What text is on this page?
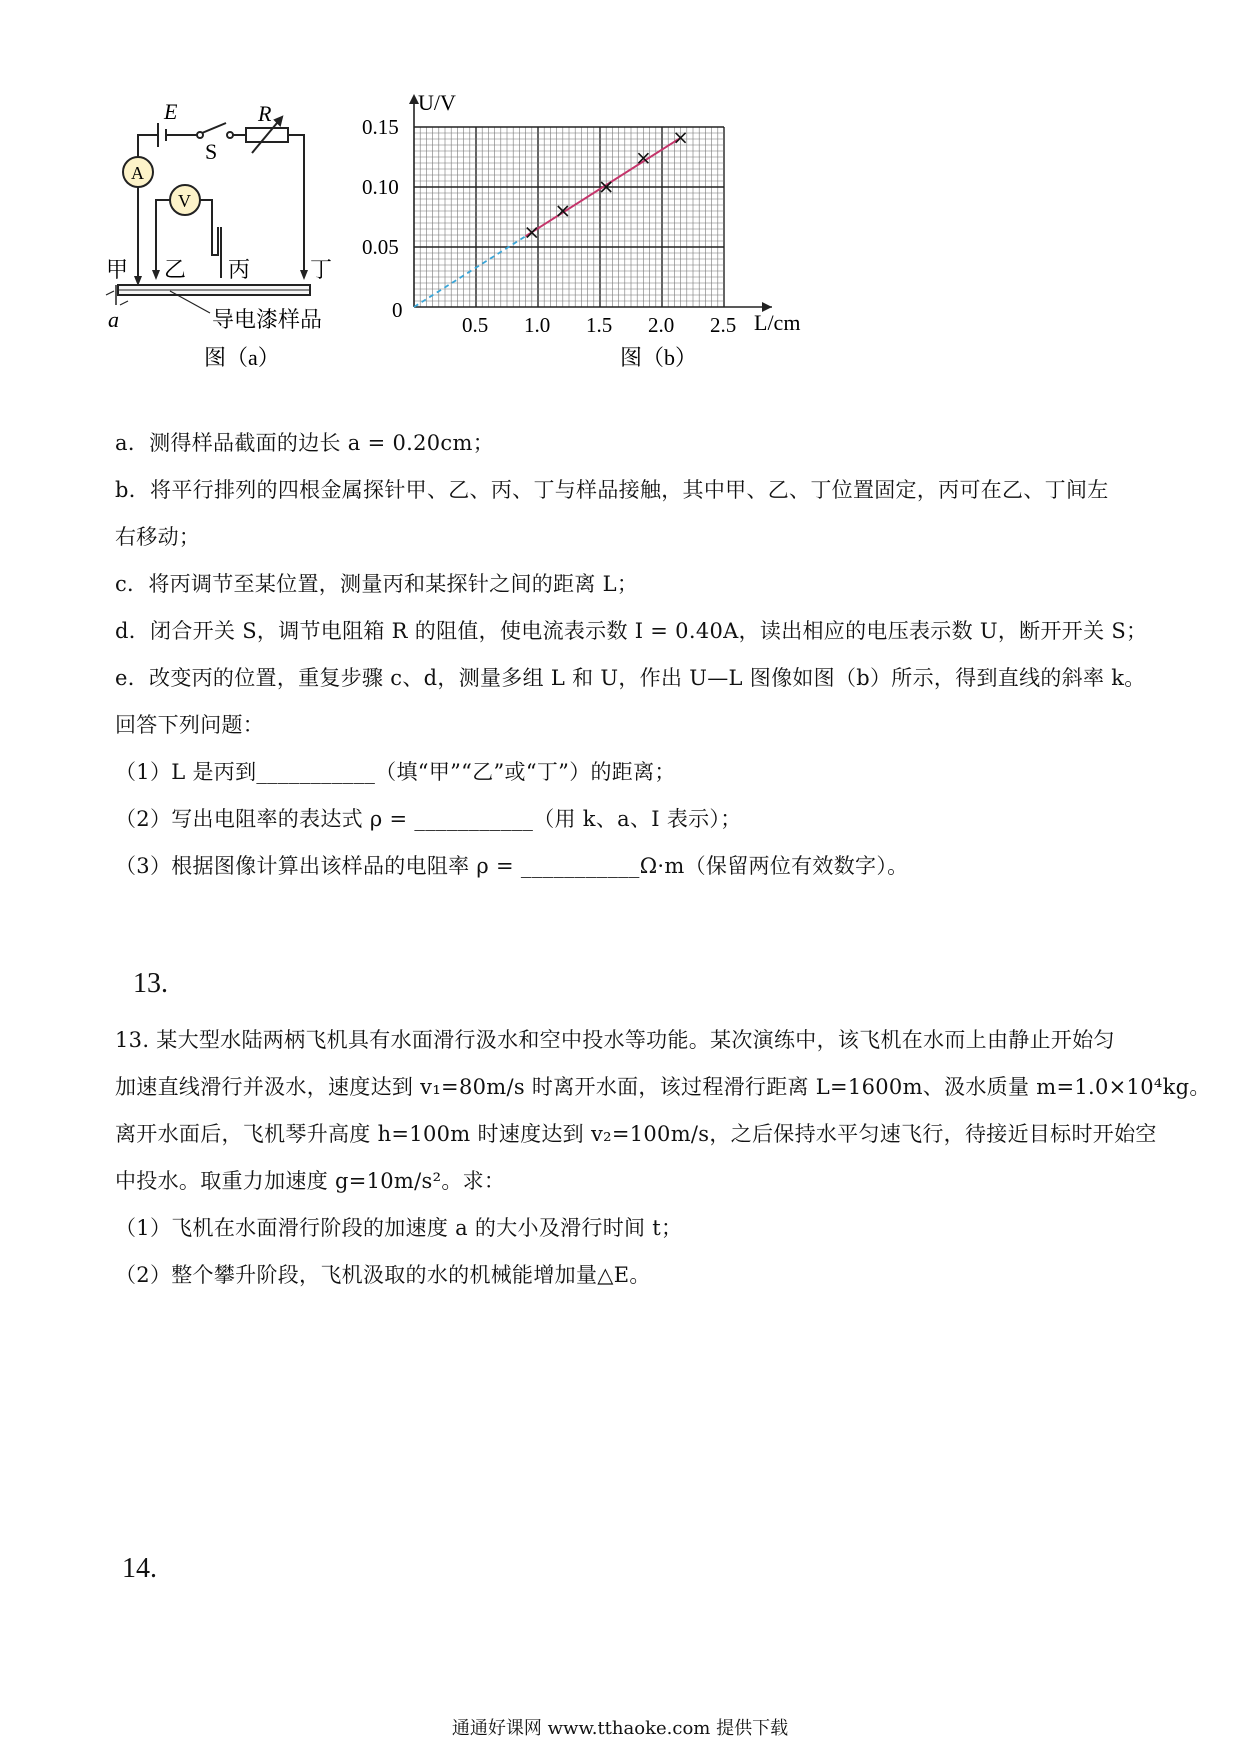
E	R
S
A
V
甲 乙 丙	丁
a	导电漆样品
图（a）
0.5 1.0 1.5 2.0 2.5
0.05
0.10
0.15
U/V
L/cm
0
图（b）
a．测得样品截面的边长 a = 0.20cm；
b．将平行排列的四根金属探针甲、乙、丙、丁与样品接触，其中甲、乙、丁位置固定，丙可在乙、丁间左
右移动；
c．将丙调节至某位置，测量丙和某探针之间的距离 L；
d．闭合开关 S，调节电阻箱 R 的阻值，使电流表示数 I = 0.40A，读出相应的电压表示数 U，断开开关 S；
e．改变丙的位置，重复步骤 c、d，测量多组 L 和 U，作出 U—L 图像如图（b）所示，得到直线的斜率 k。
回答下列问题：
（1）L 是丙到___________（填“甲”“乙”或“丁”）的距离；
（2）写出电阻率的表达式 ρ = ___________（用 k、a、I 表示）；
（3）根据图像计算出该样品的电阻率 ρ = ___________Ω·m（保留两位有效数字）。
13.
13. 某大型水陆两柄飞机具有水面滑行汲水和空中投水等功能。某次演练中，该飞机在水而上由静止开始匀
加速直线滑行并汲水，速度达到 v₁=80m/s 时离开水面，该过程滑行距离 L=1600m、汲水质量 m=1.0×10⁴kg。
离开水面后，飞机琴升高度 h=100m 时速度达到 v₂=100m/s，之后保持水平匀速飞行，待接近目标时开始空
中投水。取重力加速度 g=10m/s²。求：
（1）飞机在水面滑行阶段的加速度 a 的大小及滑行时间 t；
（2）整个攀升阶段，飞机汲取的水的机械能增加量△E。
14.
通通好课网 www.tthaoke.com 提供下载
